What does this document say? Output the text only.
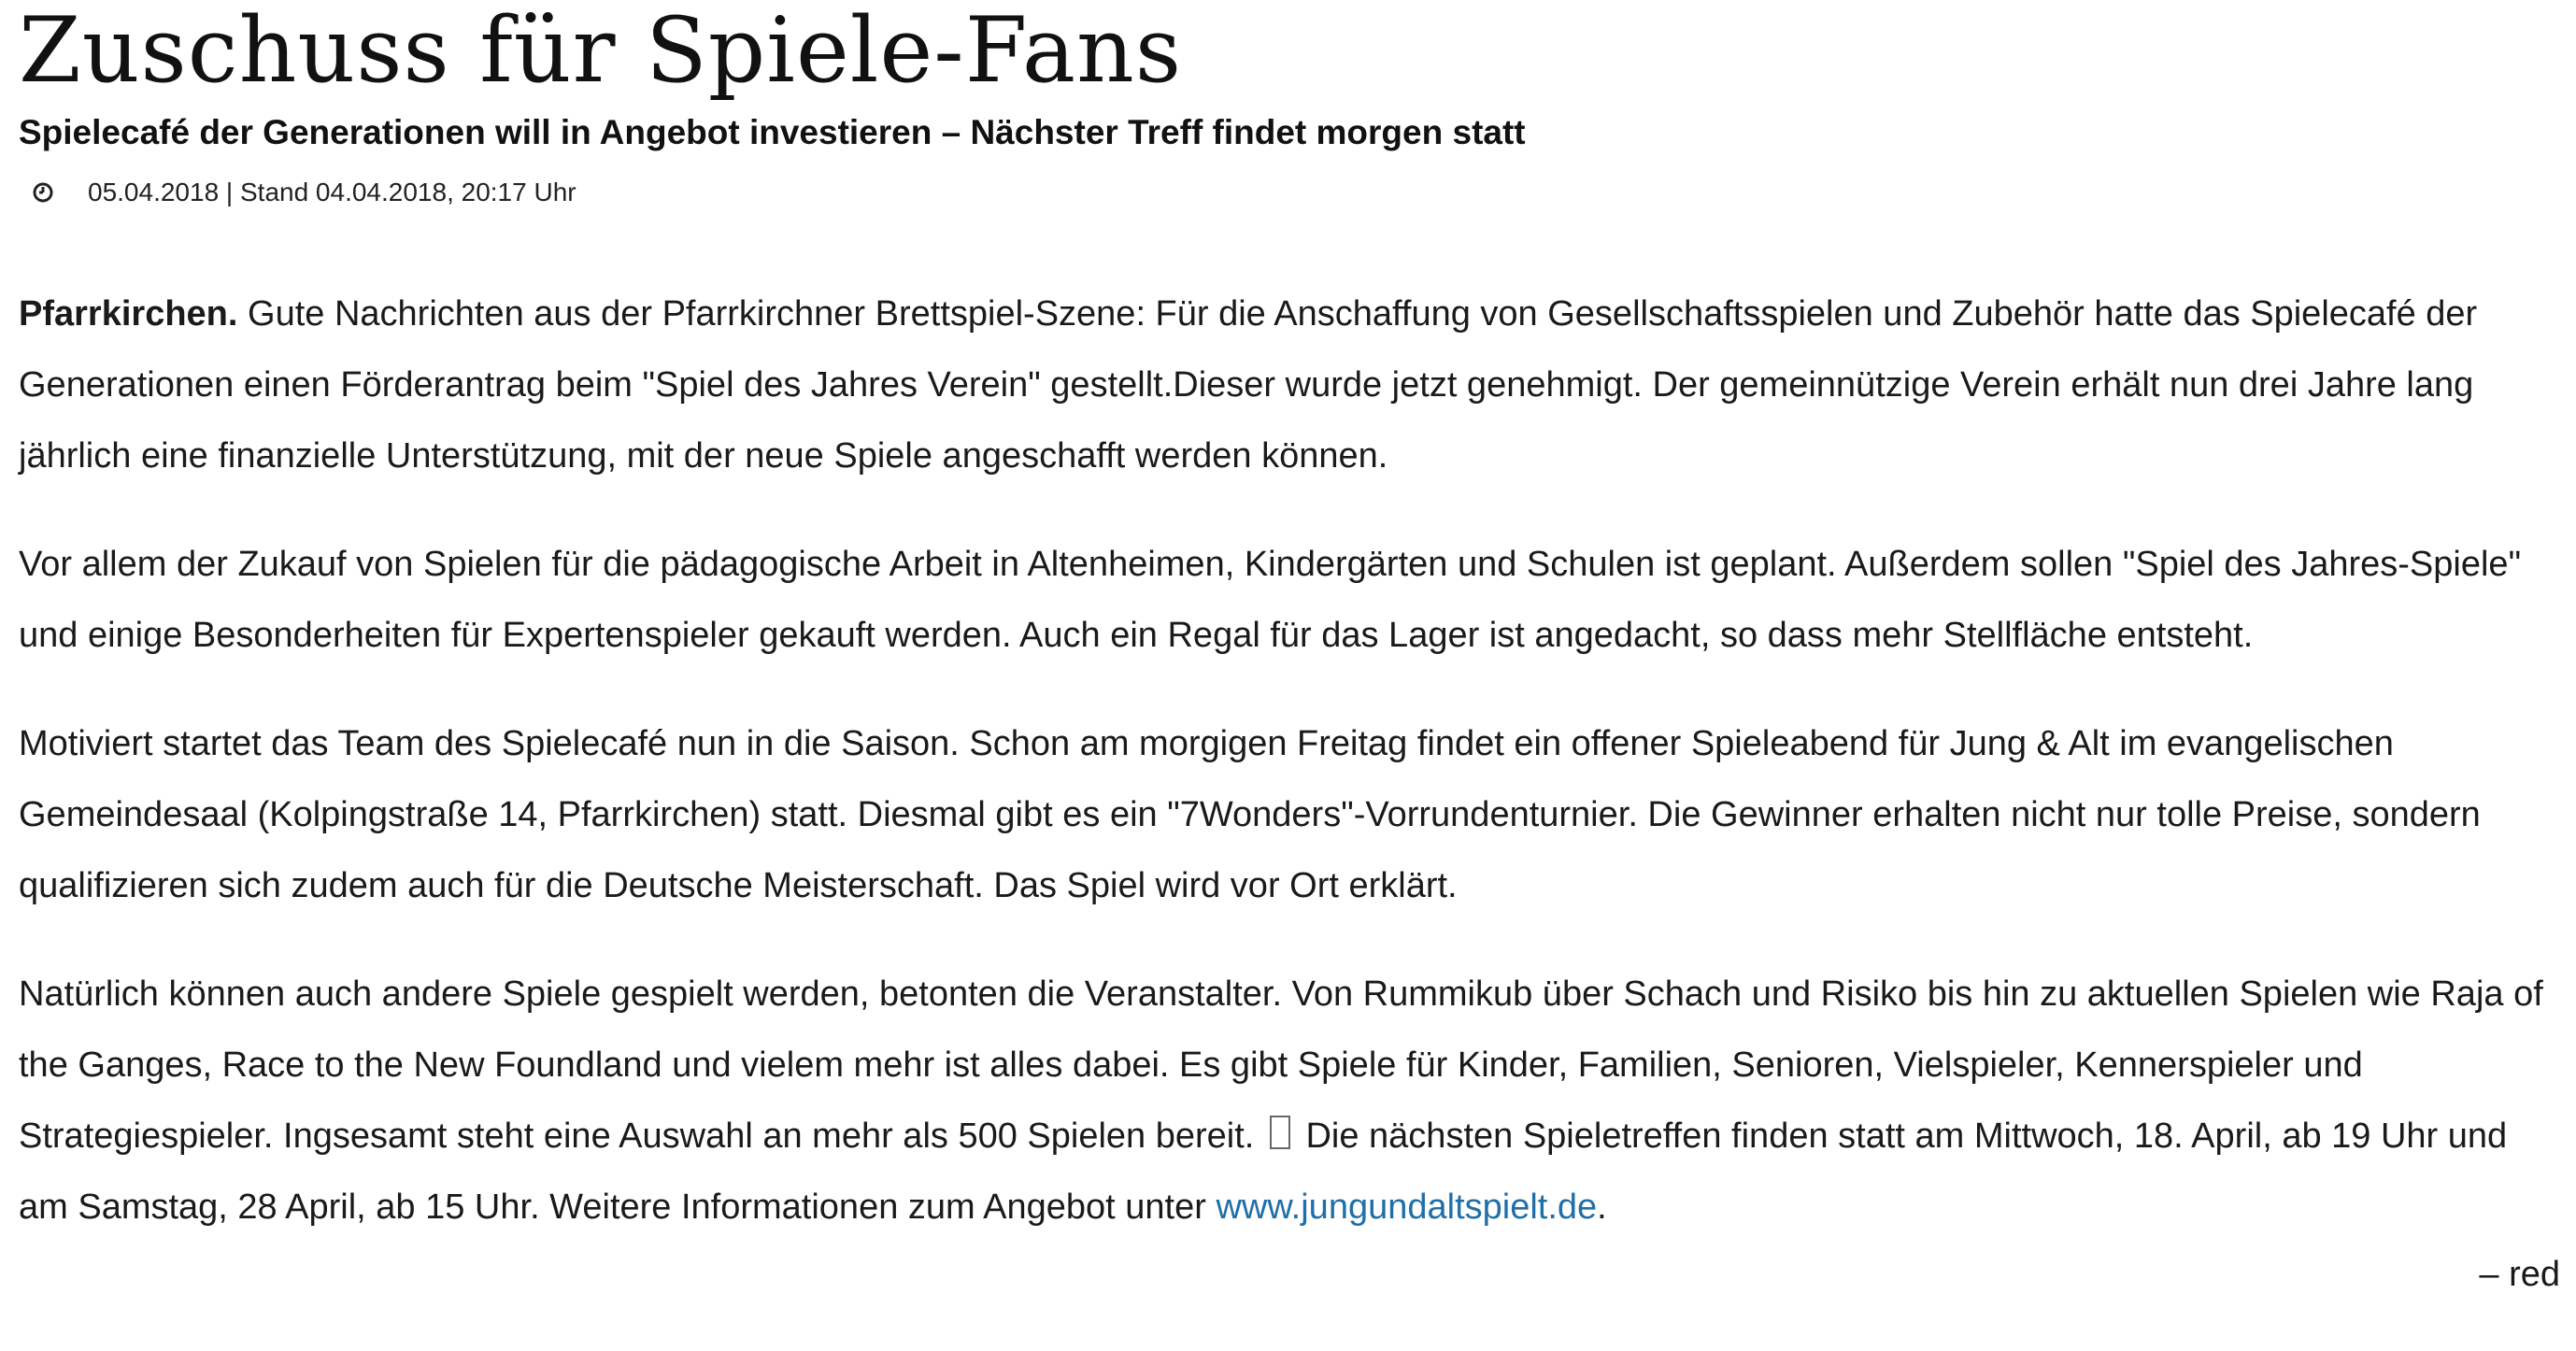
Zuschuss für Spiele-Fans
Spielecafé der Generationen will in Angebot investieren – Nächster Treff findet morgen statt
05.04.2018 | Stand 04.04.2018, 20:17 Uhr

Pfarrkirchen. Gute Nachrichten aus der Pfarrkirchner Brettspiel-Szene: Für die Anschaffung von Gesellschaftsspielen und Zubehör hatte das Spielecafé der Generationen einen Förderantrag beim "Spiel des Jahres Verein" gestellt.Dieser wurde jetzt genehmigt. Der gemeinnützige Verein erhält nun drei Jahre lang jährlich eine finanzielle Unterstützung, mit der neue Spiele angeschafft werden können.

Vor allem der Zukauf von Spielen für die pädagogische Arbeit in Altenheimen, Kindergärten und Schulen ist geplant. Außerdem sollen "Spiel des Jahres-Spiele" und einige Besonderheiten für Expertenspieler gekauft werden. Auch ein Regal für das Lager ist angedacht, so dass mehr Stellfläche entsteht.

Motiviert startet das Team des Spielecafé nun in die Saison. Schon am morgigen Freitag findet ein offener Spieleabend für Jung & Alt im evangelischen Gemeindesaal (Kolpingstraße 14, Pfarrkirchen) statt. Diesmal gibt es ein "7Wonders"-Vorrundenturnier. Die Gewinner erhalten nicht nur tolle Preise, sondern qualifizieren sich zudem auch für die Deutsche Meisterschaft. Das Spiel wird vor Ort erklärt.

Natürlich können auch andere Spiele gespielt werden, betonten die Veranstalter. Von Rummikub über Schach und Risiko bis hin zu aktuellen Spielen wie Raja of the Ganges, Race to the New Foundland und vielem mehr ist alles dabei. Es gibt Spiele für Kinder, Familien, Senioren, Vielspieler, Kennerspieler und Strategiespieler. Ingsesamt steht eine Auswahl an mehr als 500 Spielen bereit.  Die nächsten Spieletreffen finden statt am Mittwoch, 18. April, ab 19 Uhr und am Samstag, 28 April, ab 15 Uhr. Weitere Informationen zum Angebot unter www.jungundaltspielt.de.

– red
